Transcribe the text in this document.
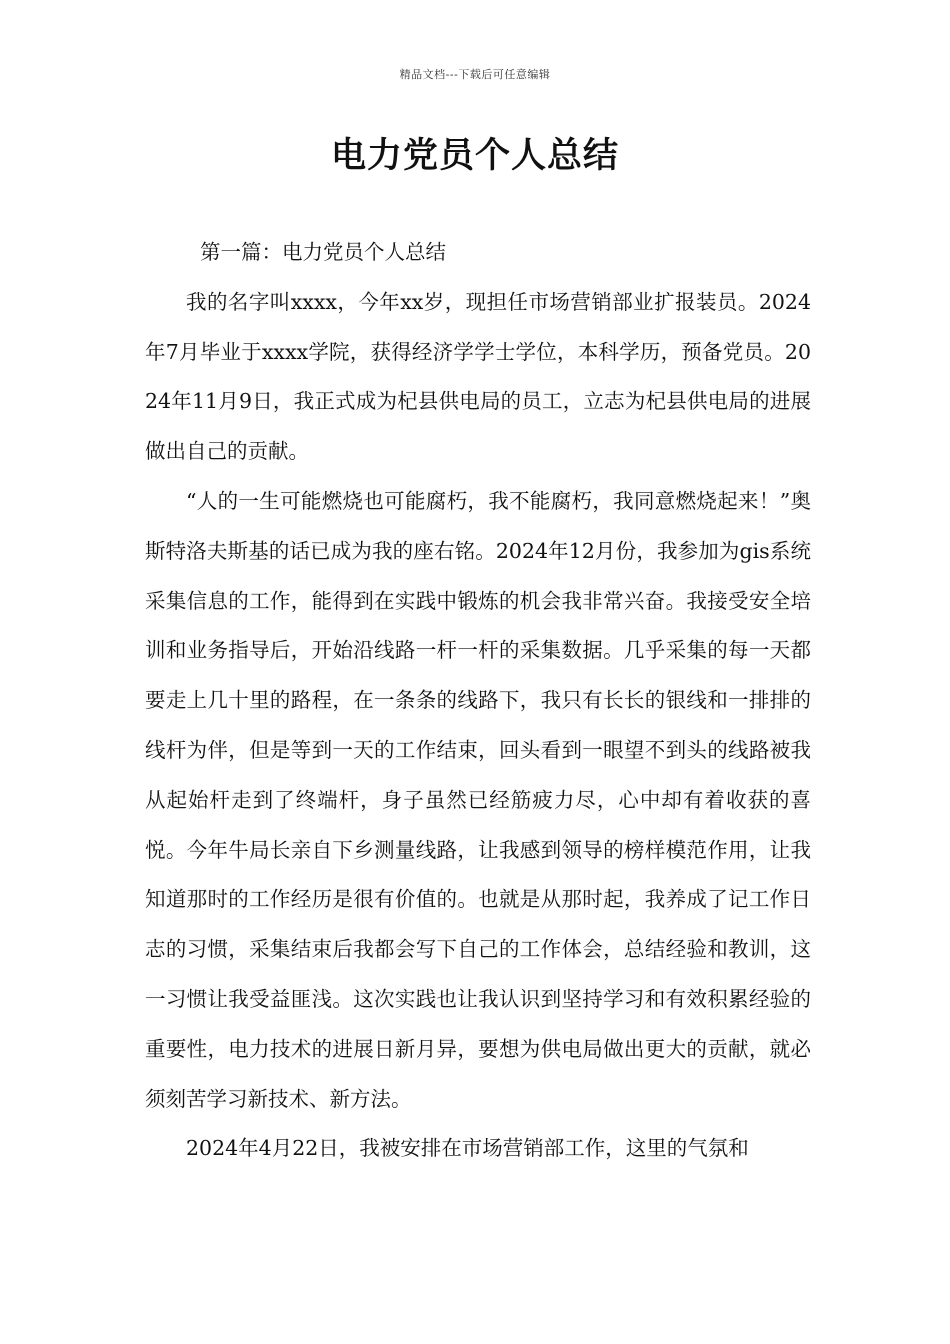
精品文档---下载后可任意编辑
电力党员个人总结

第一篇：电力党员个人总结

我的名字叫xxxx，今年xx岁，现担任市场营销部业扩报装员。2024年7月毕业于xxxx学院，获得经济学学士学位，本科学历，预备党员。2024年11月9日，我正式成为杞县供电局的员工，立志为杞县供电局的进展做出自己的贡献。

“人的一生可能燃烧也可能腐朽，我不能腐朽，我同意燃烧起来！”奥斯特洛夫斯基的话已成为我的座右铭。2024年12月份，我参加为gis系统采集信息的工作，能得到在实践中锻炼的机会我非常兴奋。我接受安全培训和业务指导后，开始沿线路一杆一杆的采集数据。几乎采集的每一天都要走上几十里的路程，在一条条的线路下，我只有长长的银线和一排排的线杆为伴，但是等到一天的工作结束，回头看到一眼望不到头的线路被我从起始杆走到了终端杆，身子虽然已经筋疲力尽，心中却有着收获的喜悦。今年牛局长亲自下乡测量线路，让我感到领导的榜样模范作用，让我知道那时的工作经历是很有价值的。也就是从那时起，我养成了记工作日志的习惯，采集结束后我都会写下自己的工作体会，总结经验和教训，这一习惯让我受益匪浅。这次实践也让我认识到坚持学习和有效积累经验的重要性，电力技术的进展日新月异，要想为供电局做出更大的贡献，就必须刻苦学习新技术、新方法。

2024年4月22日，我被安排在市场营销部工作，这里的气氛和
